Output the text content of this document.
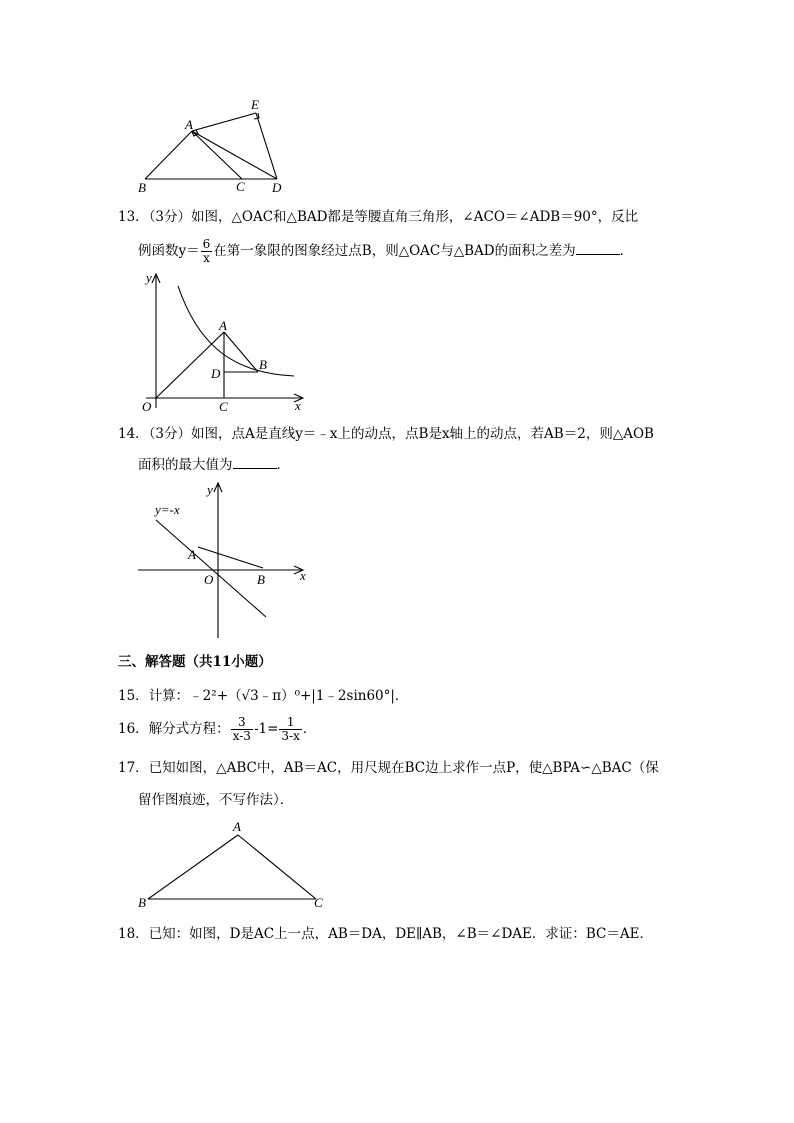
A
E
B	C D
13．（3分）如图，△OAC和△BAD都是等腰直角三角形，∠ACO＝∠ADB＝90°，反比
例函数$y= \frac{6}{x}$ 在第一象限的图象经过点B，则△OAC与△BAD的面积之差为	．
y
A
B
D
O	C	x
14．（3分）如图，点A是直线y＝﹣x上的动点，点B是x轴上的动点，若AB＝2，则△AOB
面积的最大值为	．
y
y=-x
A
O	B	x
三、解答题（共11小题）
15．计算：﹣2²+（√3﹣π）⁰+|1﹣2sin60°|．
16．解分式方程： $\frac{3}{x-3} -1= \frac{1}{3-x}$ ．
17．已知如图，△ABC中，AB＝AC，用尺规在BC边上求作一点P，使△BPA∽△BAC（保
留作图痕迹，不写作法）．
A
B	C
18．已知：如图，D是AC上一点，AB＝DA，DE∥AB，∠B＝∠DAE．求证：BC＝AE．
